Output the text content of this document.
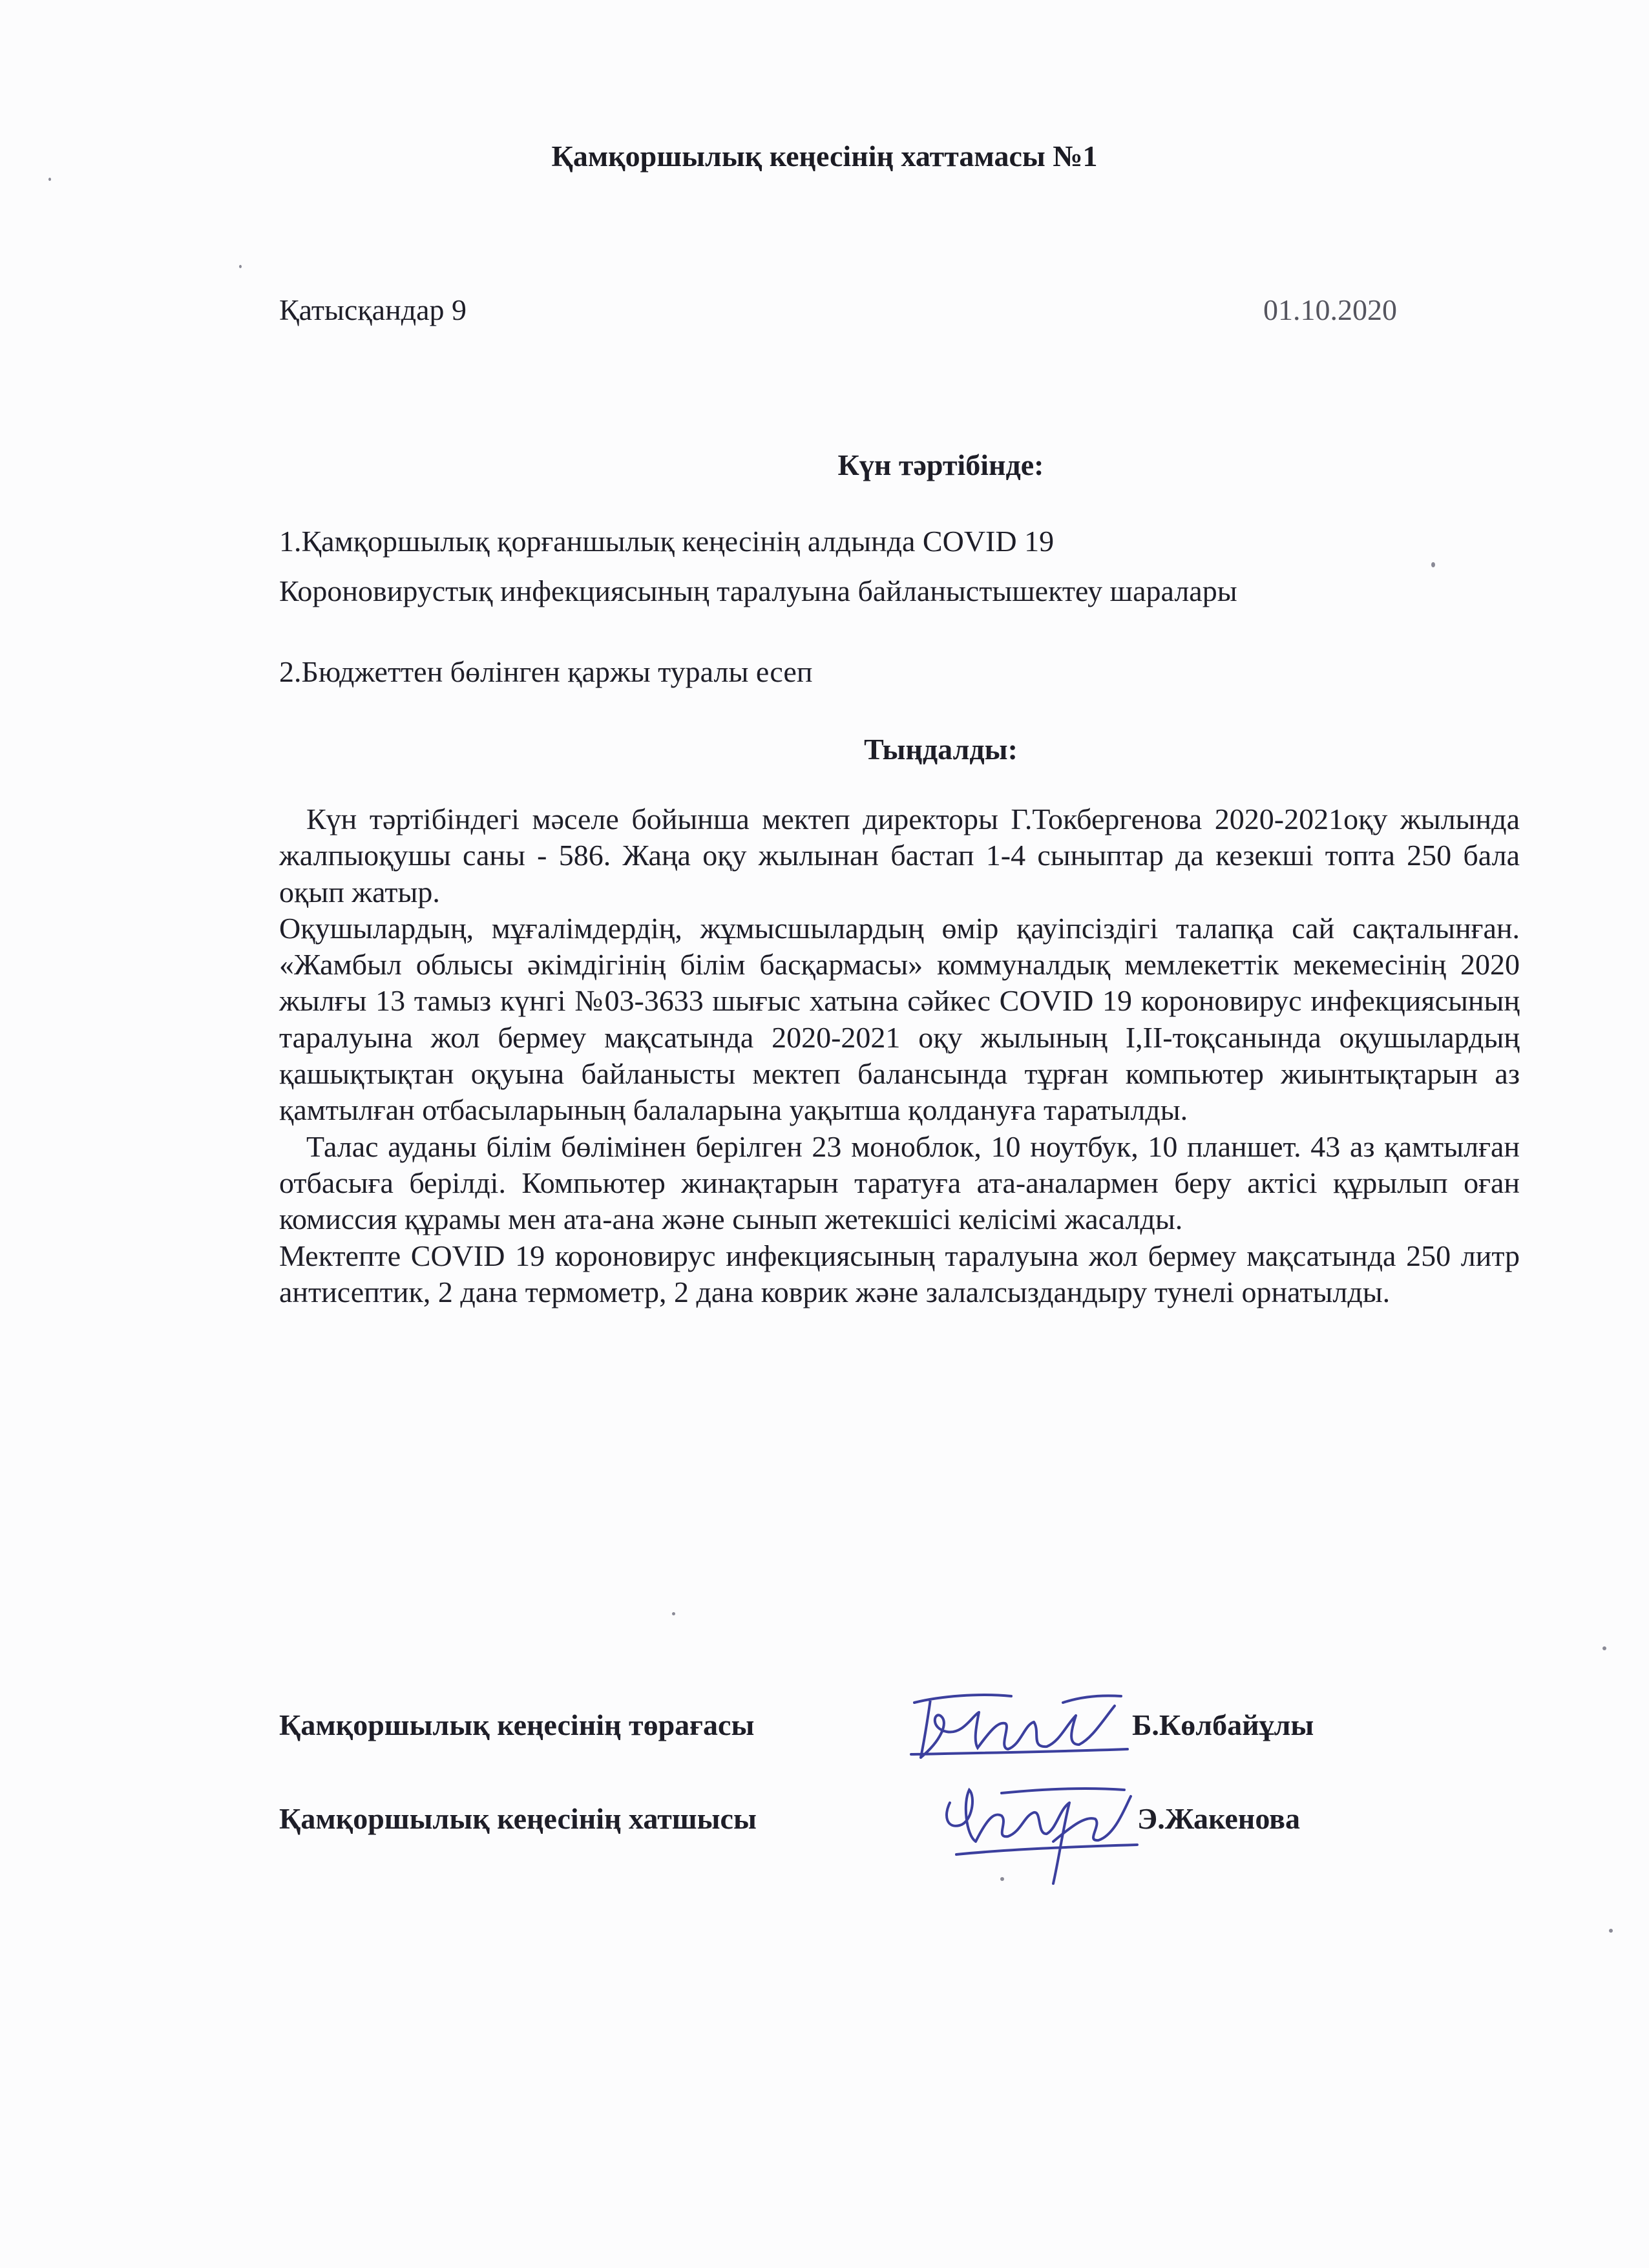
Қамқоршылық кеңесінің хаттамасы №1
Қатысқандар 9	01.10.2020
Күн тәртібінде:
1.Қамқоршылық қорғаншылық кеңесінің алдында COVID 19
Короновирустық инфекциясының таралуына байланыстышектеу шаралары
2.Бюджеттен бөлінген қаржы туралы есеп
Тыңдалды:

Күн тәртібіндегі мәселе бойынша мектеп директоры Г.Токбергенова 2020-2021оқу жылында жалпыоқушы саны - 586. Жаңа оқу жылынан бастап 1-4 сыныптар да кезекші топта 250 бала оқып жатыр.

Оқушылардың, мұғалімдердің, жұмысшылардың өмір қауіпсіздігі талапқа сай сақталынған. «Жамбыл облысы әкімдігінің білім басқармасы» коммуналдық мемлекеттік мекемесінің 2020 жылғы 13 тамыз күнгі №03-3633 шығыс хатына сәйкес COVID 19 короновирус инфекциясының таралуына жол бермеу мақсатында 2020-2021 оқу жылының I,II-тоқсанында оқушылардың қашықтықтан оқуына байланысты мектеп балансында тұрған компьютер жиынтықтарын аз қамтылған отбасыларының балаларына уақытша қолдануға таратылды.

Талас ауданы білім бөлімінен берілген 23 моноблок, 10 ноутбук, 10 планшет. 43 аз қамтылған отбасыға берілді. Компьютер жинақтарын таратуға ата-аналармен беру актісі құрылып оған комиссия құрамы мен ата-ана және сынып жетекшісі келісімі жасалды.

Мектепте COVID 19 короновирус инфекциясының таралуына жол бермеу мақсатында 250 литр антисептик, 2 дана термометр, 2 дана коврик және залалсыздандыру тунелі орнатылды.

Қамқоршылық кеңесінің төрағасы	Б.Көлбайұлы
Қамқоршылық кеңесінің хатшысы	Э.Жакенова
